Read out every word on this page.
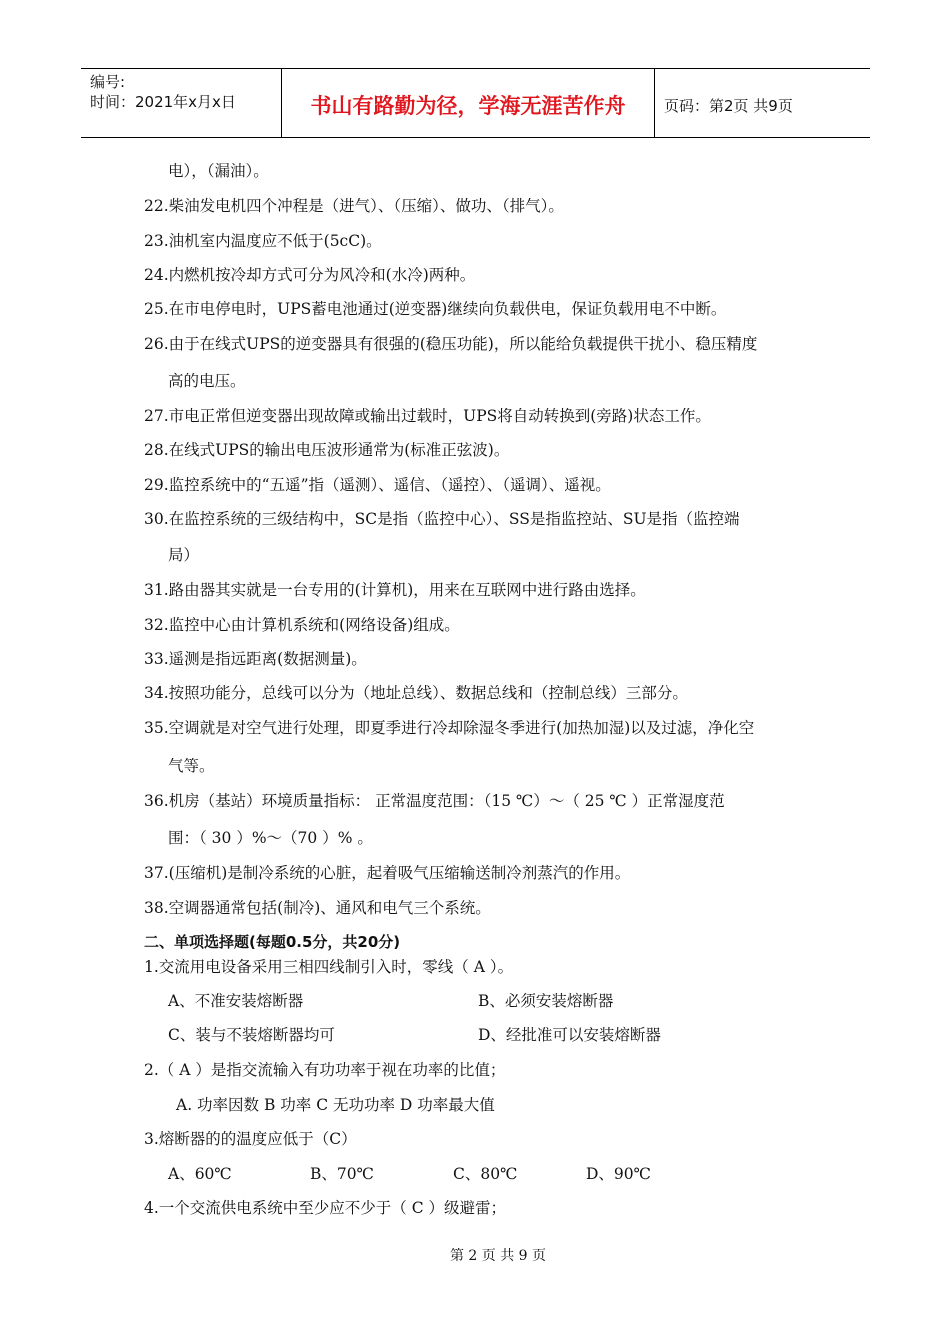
编号:
时间：2021年x月x日	书山有路勤为径，学海无涯苦作舟	页码：第2页 共9页
电），（漏油）。
22.柴油发电机四个冲程是（进气）、（压缩）、做功、（排气）。
23.油机室内温度应不低于(5cC)。
24.内燃机按冷却方式可分为风冷和(水冷)两种。
25.在市电停电时，UPS蓄电池通过(逆变器)继续向负载供电，保证负载用电不中断。
26.由于在线式UPS的逆变器具有很强的(稳压功能)，所以能给负载提供干扰小、稳压精度
高的电压。
27.市电正常但逆变器出现故障或输出过载时，UPS将自动转换到(旁路)状态工作。
28.在线式UPS的输出电压波形通常为(标准正弦波)。
29.监控系统中的“五遥”指（遥测）、遥信、（遥控）、（遥调）、遥视。
30.在监控系统的三级结构中，SC是指（监控中心）、SS是指监控站、SU是指（监控端
局）
31.路由器其实就是一台专用的(计算机)，用来在互联网中进行路由选择。
32.监控中心由计算机系统和(网络设备)组成。
33.遥测是指远距离(数据测量)。
34.按照功能分，总线可以分为（地址总线）、数据总线和（控制总线）三部分。
35.空调就是对空气进行处理，即夏季进行冷却除湿冬季进行(加热加湿)以及过滤，净化空
气等。
36.机房（基站）环境质量指标： 正常温度范围：（15 ℃）～（ 25 ℃ ）正常湿度范
围：（ 30 ）%～（70 ）% 。
37.(压缩机)是制冷系统的心脏，起着吸气压缩输送制冷剂蒸汽的作用。
38.空调器通常包括(制冷)、通风和电气三个系统。
二、单项选择题(每题0.5分，共20分)
1.交流用电设备采用三相四线制引入时，零线（ A ）。
A、不准安装熔断器	B、必须安装熔断器
C、装与不装熔断器均可	D、经批准可以安装熔断器
2.（ A ）是指交流输入有功功率于视在功率的比值；
A. 功率因数 B 功率 C 无功功率 D 功率最大值
3.熔断器的的温度应低于（C）
A、60℃	B、70℃	C、80℃	D、90℃
4.一个交流供电系统中至少应不少于（ C ）级避雷；
第 2 页 共 9 页
